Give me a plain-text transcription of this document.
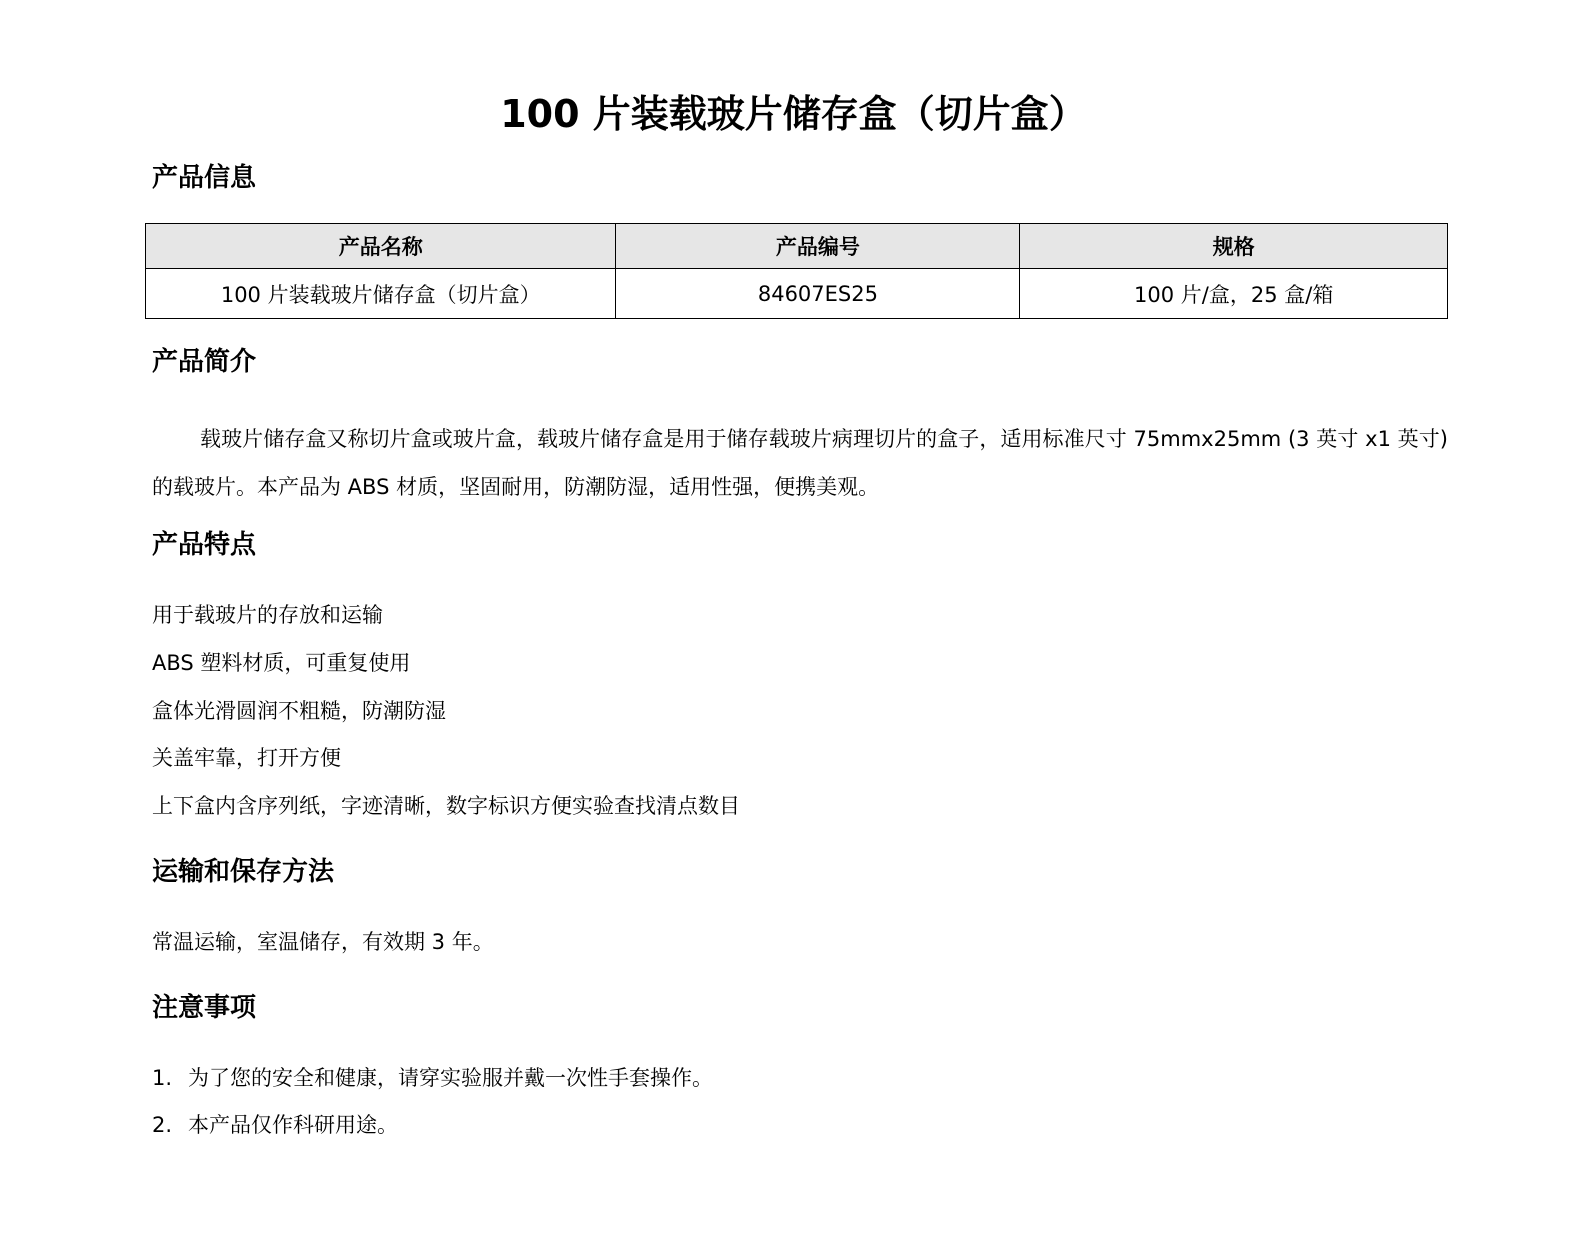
100 片装载玻片储存盒（切片盒）
产品信息
产品名称	产品编号	规格
100 片装载玻片储存盒（切片盒）	84607ES25	100 片/盒，25 盒/箱
产品简介

载玻片储存盒又称切片盒或玻片盒，载玻片储存盒是用于储存载玻片病理切片的盒子，适用标准尺寸 75mmx25mm (3 英寸 x1 英寸)的载玻片。本产品为 ABS 材质，坚固耐用，防潮防湿，适用性强，便携美观。

产品特点

用于载玻片的存放和运输

ABS 塑料材质，可重复使用

盒体光滑圆润不粗糙，防潮防湿

关盖牢靠，打开方便

上下盒内含序列纸，字迹清晰，数字标识方便实验查找清点数目

运输和保存方法

常温运输，室温储存，有效期 3 年。

注意事项

1. 为了您的安全和健康，请穿实验服并戴一次性手套操作。

2. 本产品仅作科研用途。
